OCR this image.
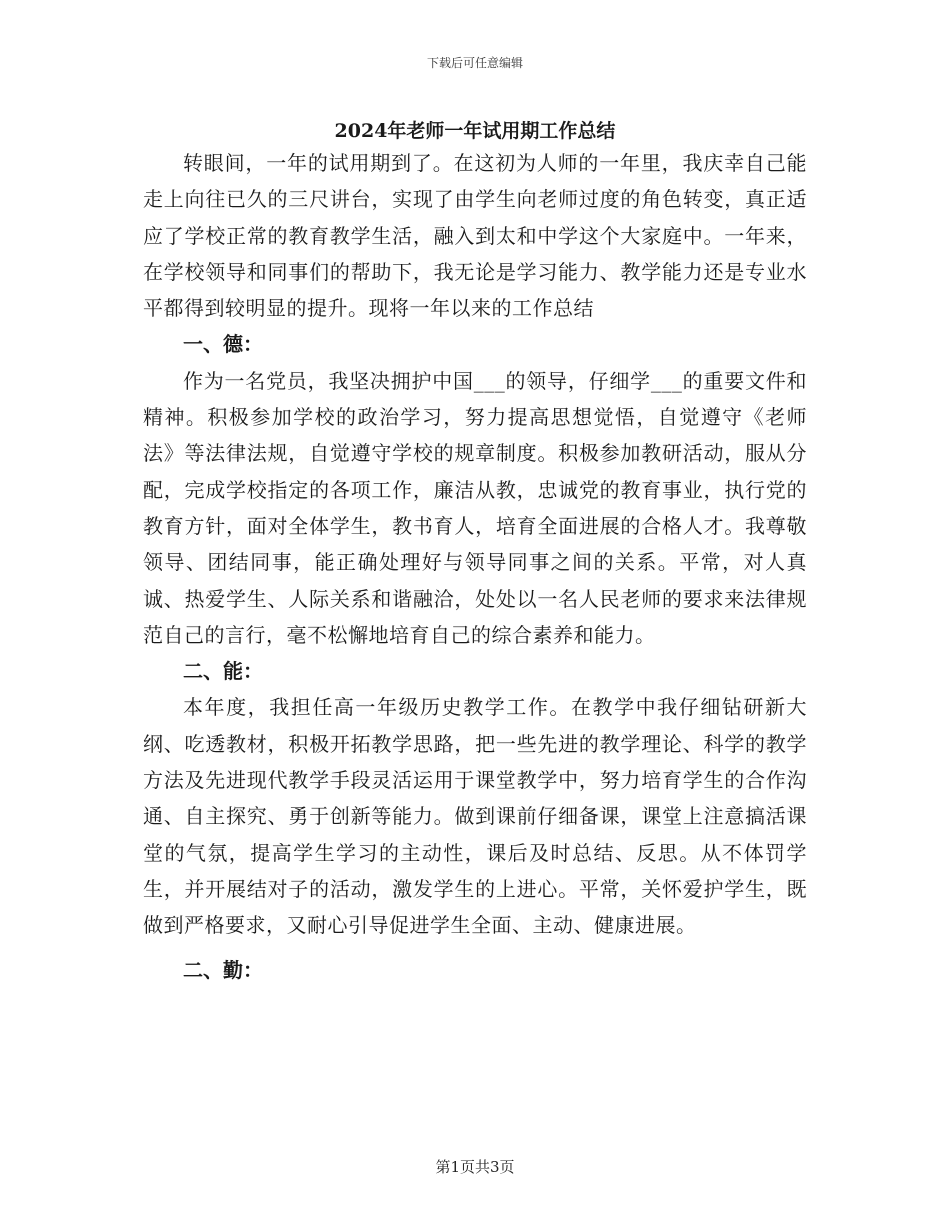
下载后可任意编辑
2024年老师一年试用期工作总结

转眼间，一年的试用期到了。在这初为人师的一年里，我庆幸自己能走上向往已久的三尺讲台，实现了由学生向老师过度的角色转变，真正适应了学校正常的教育教学生活，融入到太和中学这个大家庭中。一年来，在学校领导和同事们的帮助下，我无论是学习能力、教学能力还是专业水平都得到较明显的提升。现将一年以来的工作总结

一、德：

作为一名党员，我坚决拥护中国___的领导，仔细学___的重要文件和精神。积极参加学校的政治学习，努力提高思想觉悟，自觉遵守《老师法》等法律法规，自觉遵守学校的规章制度。积极参加教研活动，服从分配，完成学校指定的各项工作，廉洁从教，忠诚党的教育事业，执行党的教育方针，面对全体学生，教书育人，培育全面进展的合格人才。我尊敬领导、团结同事，能正确处理好与领导同事之间的关系。平常，对人真诚、热爱学生、人际关系和谐融洽，处处以一名人民老师的要求来法律规范自己的言行，毫不松懈地培育自己的综合素养和能力。

二、能：

本年度，我担任高一年级历史教学工作。在教学中我仔细钻研新大纲、吃透教材，积极开拓教学思路，把一些先进的教学理论、科学的教学方法及先进现代教学手段灵活运用于课堂教学中，努力培育学生的合作沟通、自主探究、勇于创新等能力。做到课前仔细备课，课堂上注意搞活课堂的气氛，提高学生学习的主动性，课后及时总结、反思。从不体罚学生，并开展结对子的活动，激发学生的上进心。平常，关怀爱护学生，既做到严格要求，又耐心引导促进学生全面、主动、健康进展。

二、勤：

第1页共3页
